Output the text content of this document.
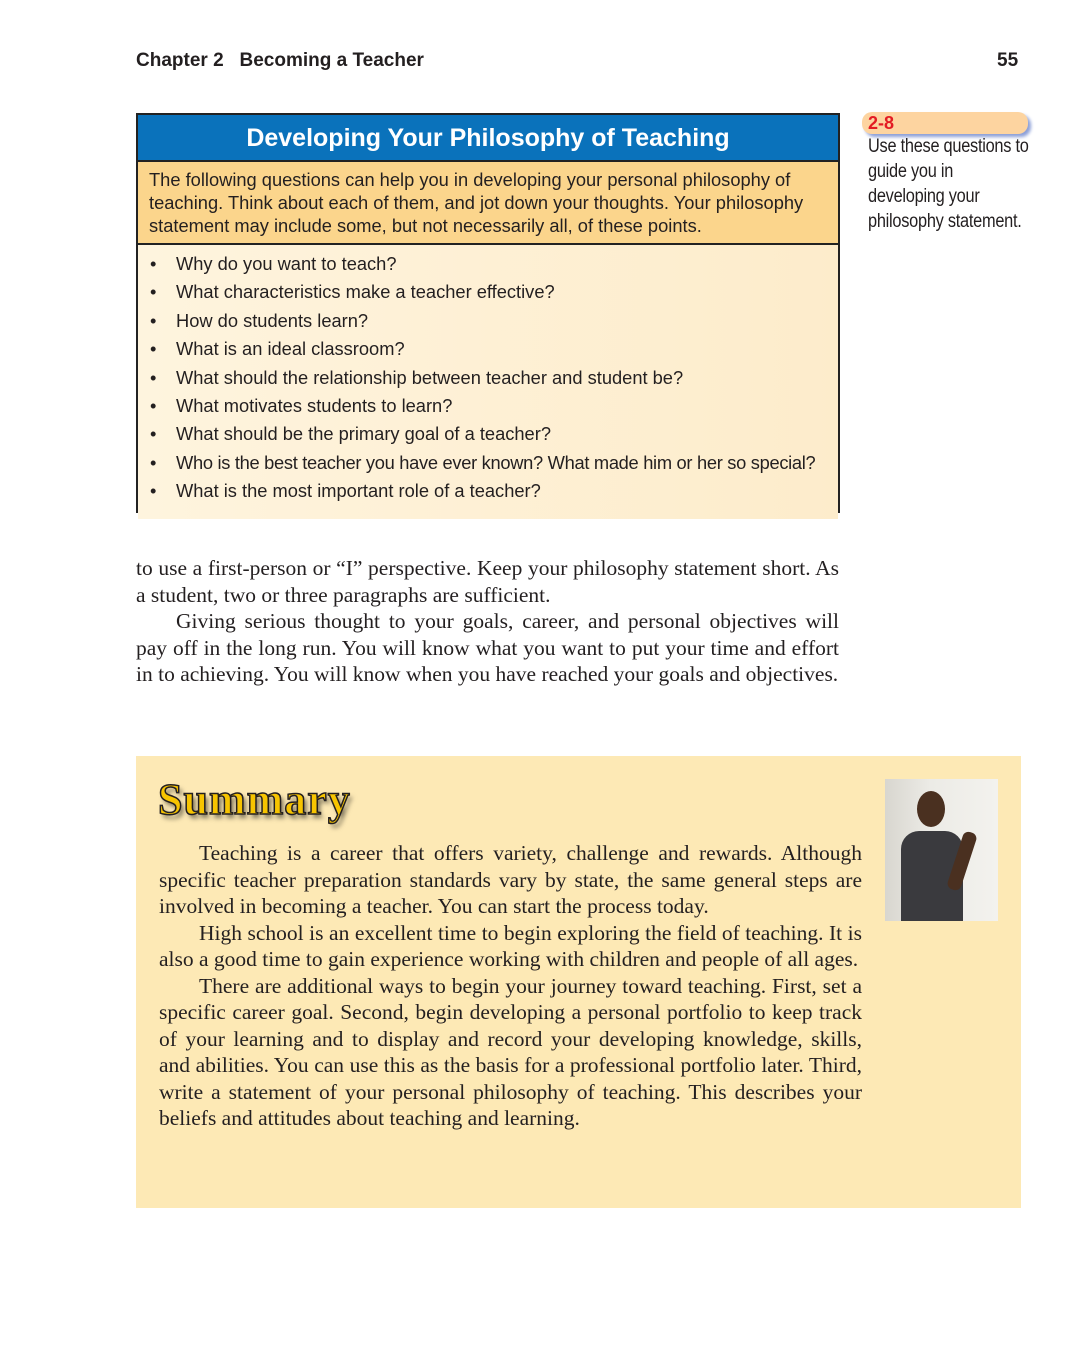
Chapter 2 Becoming a Teacher	55
Developing Your Philosophy of Teaching
The following questions can help you in developing your personal philosophy of teaching. Think about each of them, and jot down your thoughts. Your philosophy statement may include some, but not necessarily all, of these points.
• Why do you want to teach?
• What characteristics make a teacher effective?
• How do students learn?
• What is an ideal classroom?
• What should the relationship between teacher and student be?
• What motivates students to learn?
• What should be the primary goal of a teacher?
• Who is the best teacher you have ever known? What made him or her so special?
• What is the most important role of a teacher?
2-8
Use these questions to guide you in developing your philosophy statement.

to use a first-person or “I” perspective. Keep your philosophy statement short. As a student, two or three paragraphs are sufficient.

Giving serious thought to your goals, career, and personal objectives will pay off in the long run. You will know what you want to put your time and effort in to achieving. You will know when you have reached your goals and objectives.

Summary

Teaching is a career that offers variety, challenge and rewards. Although specific teacher preparation standards vary by state, the same general steps are involved in becoming a teacher. You can start the process today.

High school is an excellent time to begin exploring the field of teaching. It is also a good time to gain experience working with children and people of all ages.

There are additional ways to begin your journey toward teaching. First, set a specific career goal. Second, begin developing a personal portfolio to keep track of your learning and to display and record your developing knowledge, skills, and abilities. You can use this as the basis for a professional portfolio later. Third, write a statement of your personal philosophy of teaching. This describes your beliefs and attitudes about teaching and learning.
